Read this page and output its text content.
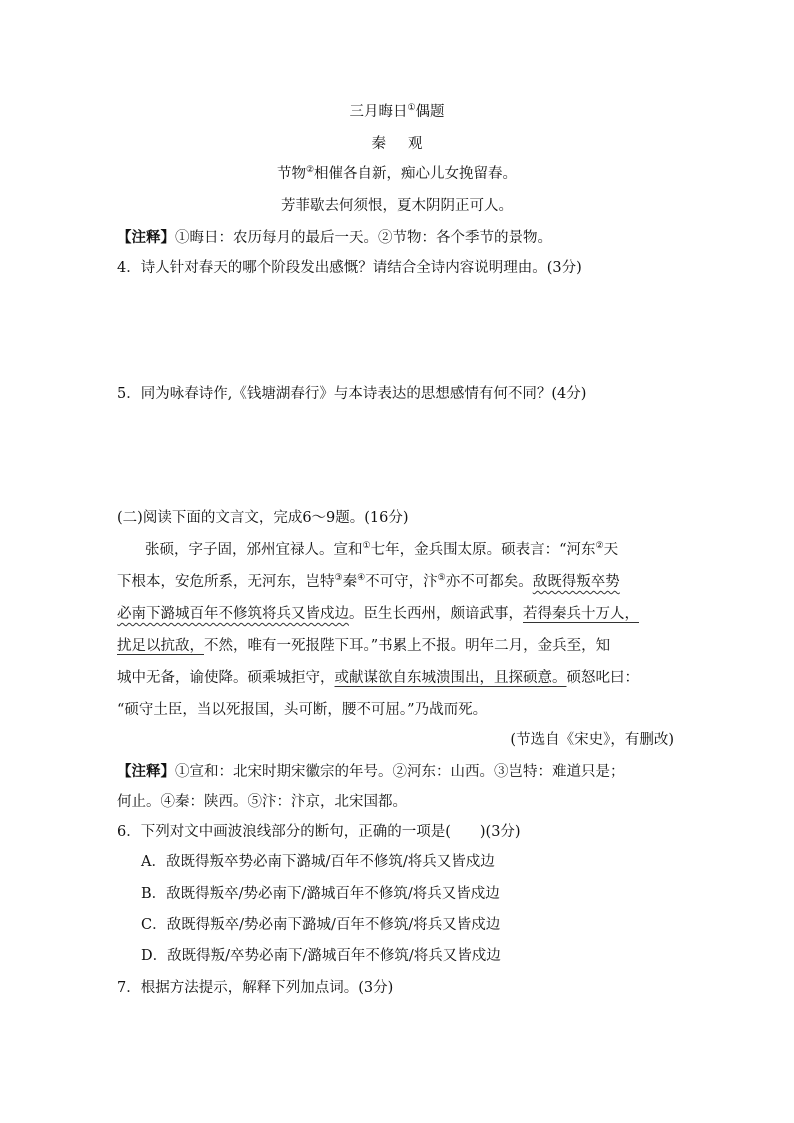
三月晦日①偶题
秦观
节物②相催各自新，痴心儿女挽留春。
芳菲歇去何须恨，夏木阴阴正可人。
【注释】①晦日：农历每月的最后一天。②节物：各个季节的景物。
4．诗人针对春天的哪个阶段发出感慨？请结合全诗内容说明理由。(3分)
5．同为咏春诗作,《钱塘湖春行》与本诗表达的思想感情有何不同？(4分)
(二)阅读下面的文言文，完成6～9题。(16分)
张硕，字子固，邠州宜禄人。宣和①七年，金兵围太原。硕表言：“河东②天
下根本，安危所系，无河东，岂特③秦④不可守，汴⑤亦不可都矣。敌既得叛卒势
必南下潞城百年不修筑将兵又皆戍边。臣生长西州，颇谙武事，若得秦兵十万人，
扰足以抗敌，不然，唯有一死报陛下耳。”书累上不报。明年二月，金兵至，知
城中无备，谕使降。硕乘城拒守，或献谋欲自东城溃围出，且探硕意。硕怒叱曰：
“硕守土臣，当以死报国，头可断，腰不可屈。”乃战而死。
(节选自《宋史》，有删改)
【注释】①宣和：北宋时期宋徽宗的年号。②河东：山西。③岂特：难道只是；
何止。④秦：陕西。⑤汴：汴京，北宋国都。
6．下列对文中画波浪线部分的断句，正确的一项是(　　)(3分)
A．敌既得叛卒势必南下潞城/百年不修筑/将兵又皆戍边
B．敌既得叛卒/势必南下/潞城百年不修筑/将兵又皆戍边
C．敌既得叛卒/势必南下潞城/百年不修筑/将兵又皆戍边
D．敌既得叛/卒势必南下/潞城百年不修筑/将兵又皆戍边
7．根据方法提示，解释下列加点词。(3分)
